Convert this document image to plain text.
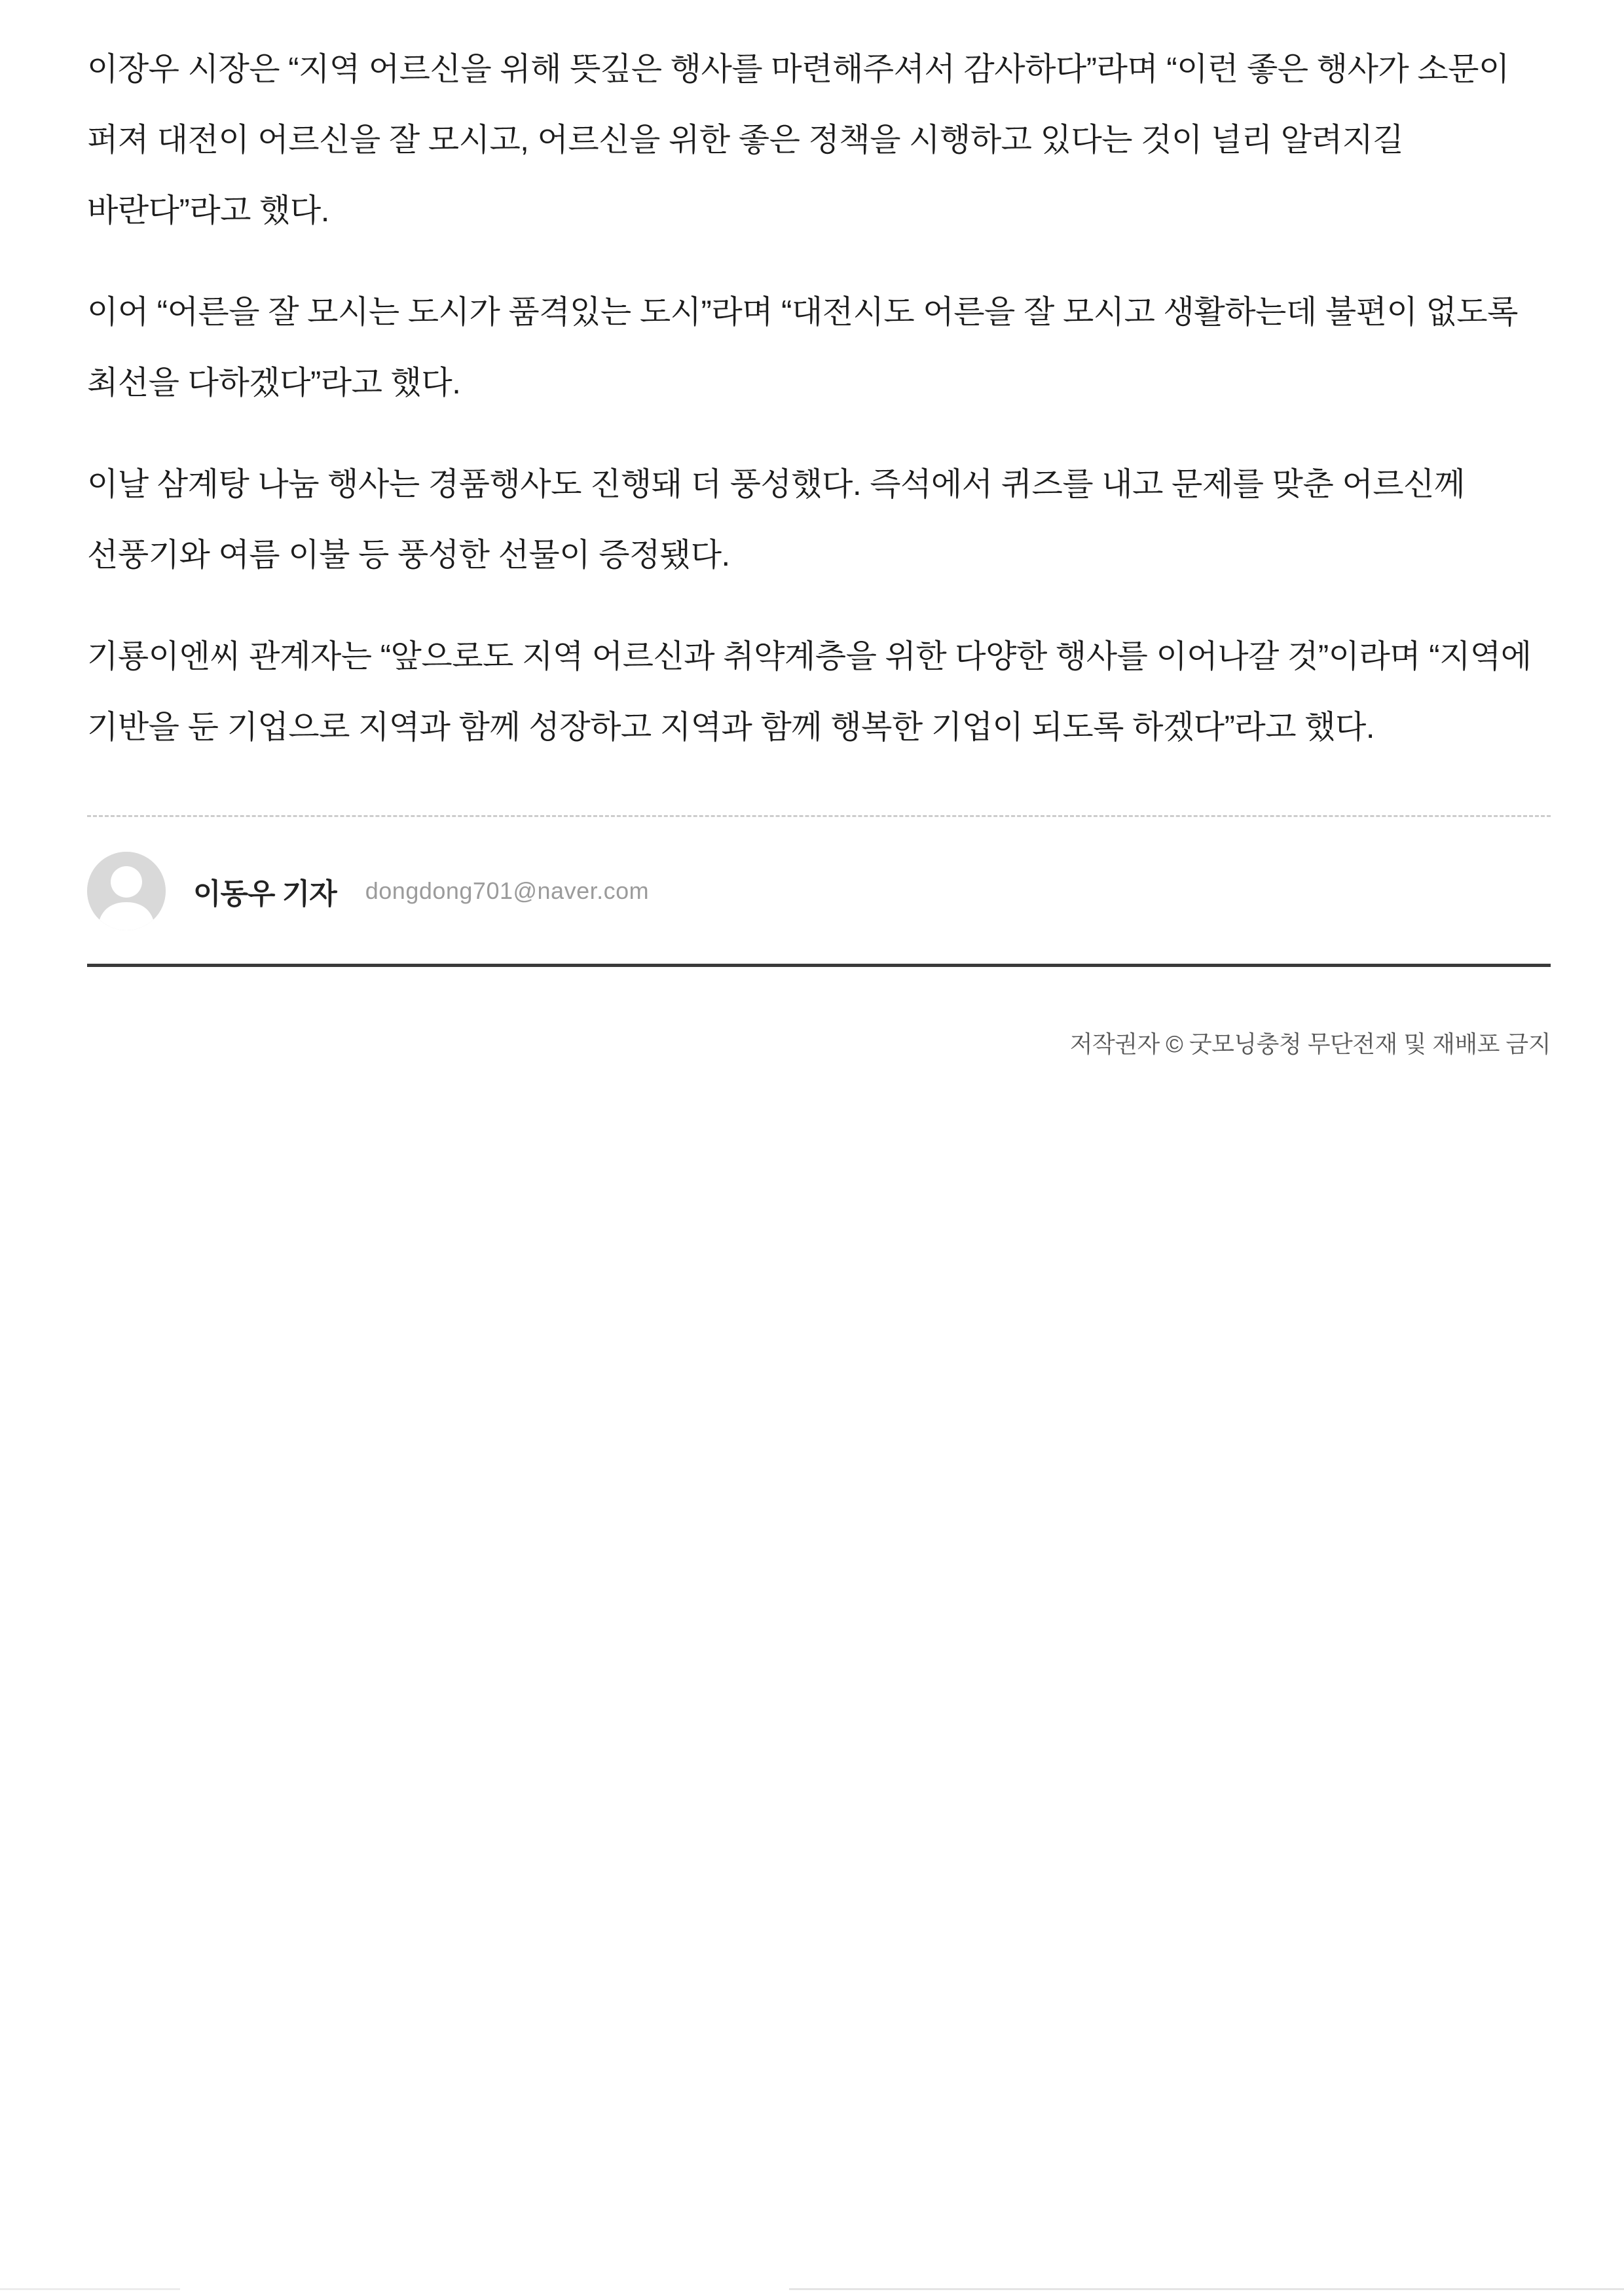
이장우 시장은 “지역 어르신을 위해 뜻깊은 행사를 마련해주셔서 감사하다”라며 “이런 좋은 행사가 소문이 퍼져 대전이 어르신을 잘 모시고, 어르신을 위한 좋은 정책을 시행하고 있다는 것이 널리 알려지길 바란다”라고 했다.

이어 “어른을 잘 모시는 도시가 품격있는 도시”라며 “대전시도 어른을 잘 모시고 생활하는데 불편이 없도록 최선을 다하겠다”라고 했다.

이날 삼계탕 나눔 행사는 경품행사도 진행돼 더 풍성했다. 즉석에서 퀴즈를 내고 문제를 맞춘 어르신께 선풍기와 여름 이불 등 풍성한 선물이 증정됐다.

기룡이엔씨 관계자는 “앞으로도 지역 어르신과 취약계층을 위한 다양한 행사를 이어나갈 것”이라며 “지역에 기반을 둔 기업으로 지역과 함께 성장하고 지역과 함께 행복한 기업이 되도록 하겠다”라고 했다.

이동우 기자 dongdong701@naver.com
저작권자 © 굿모닝충청 무단전재 및 재배포 금지
